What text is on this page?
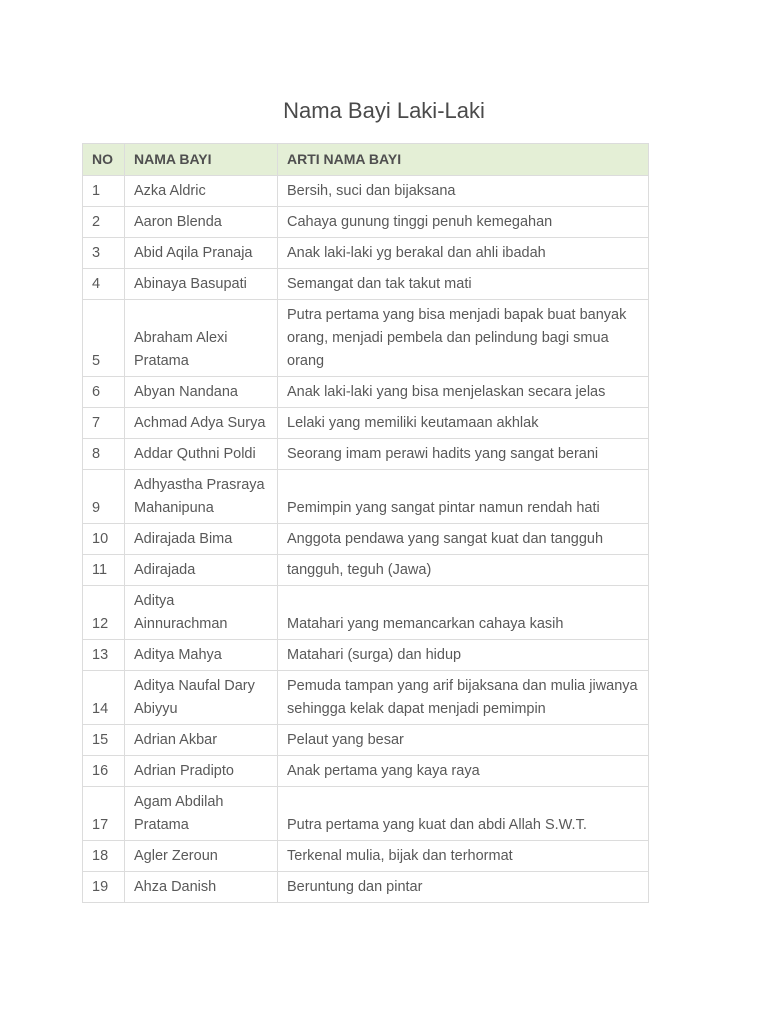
Nama Bayi Laki-Laki
NO	NAMA BAYI	ARTI NAMA BAYI
1	Azka Aldric	Bersih, suci dan bijaksana
2	Aaron Blenda	Cahaya gunung tinggi penuh kemegahan
3	Abid Aqila Pranaja	Anak laki-laki yg berakal dan ahli ibadah
4	Abinaya Basupati	Semangat dan tak takut mati
5	Abraham Alexi Pratama	Putra pertama yang bisa menjadi bapak buat banyak orang, menjadi pembela dan pelindung bagi smua orang
6	Abyan Nandana	Anak laki-laki yang bisa menjelaskan secara jelas
7	Achmad Adya Surya	Lelaki yang memiliki keutamaan akhlak
8	Addar Quthni Poldi	Seorang imam perawi hadits yang sangat berani
9	Adhyastha Prasraya Mahanipuna	Pemimpin yang sangat pintar namun rendah hati
10	Adirajada Bima	Anggota pendawa yang sangat kuat dan tangguh
11	Adirajada	tangguh, teguh (Jawa)
12	Aditya Ainnurachman	Matahari yang memancarkan cahaya kasih
13	Aditya Mahya	Matahari (surga) dan hidup
14	Aditya Naufal Dary Abiyyu	Pemuda tampan yang arif bijaksana dan mulia jiwanya sehingga kelak dapat menjadi pemimpin
15	Adrian Akbar	Pelaut yang besar
16	Adrian Pradipto	Anak pertama yang kaya raya
17	Agam Abdilah Pratama	Putra pertama yang kuat dan abdi Allah S.W.T.
18	Agler Zeroun	Terkenal mulia, bijak dan terhormat
19	Ahza Danish	Beruntung dan pintar
